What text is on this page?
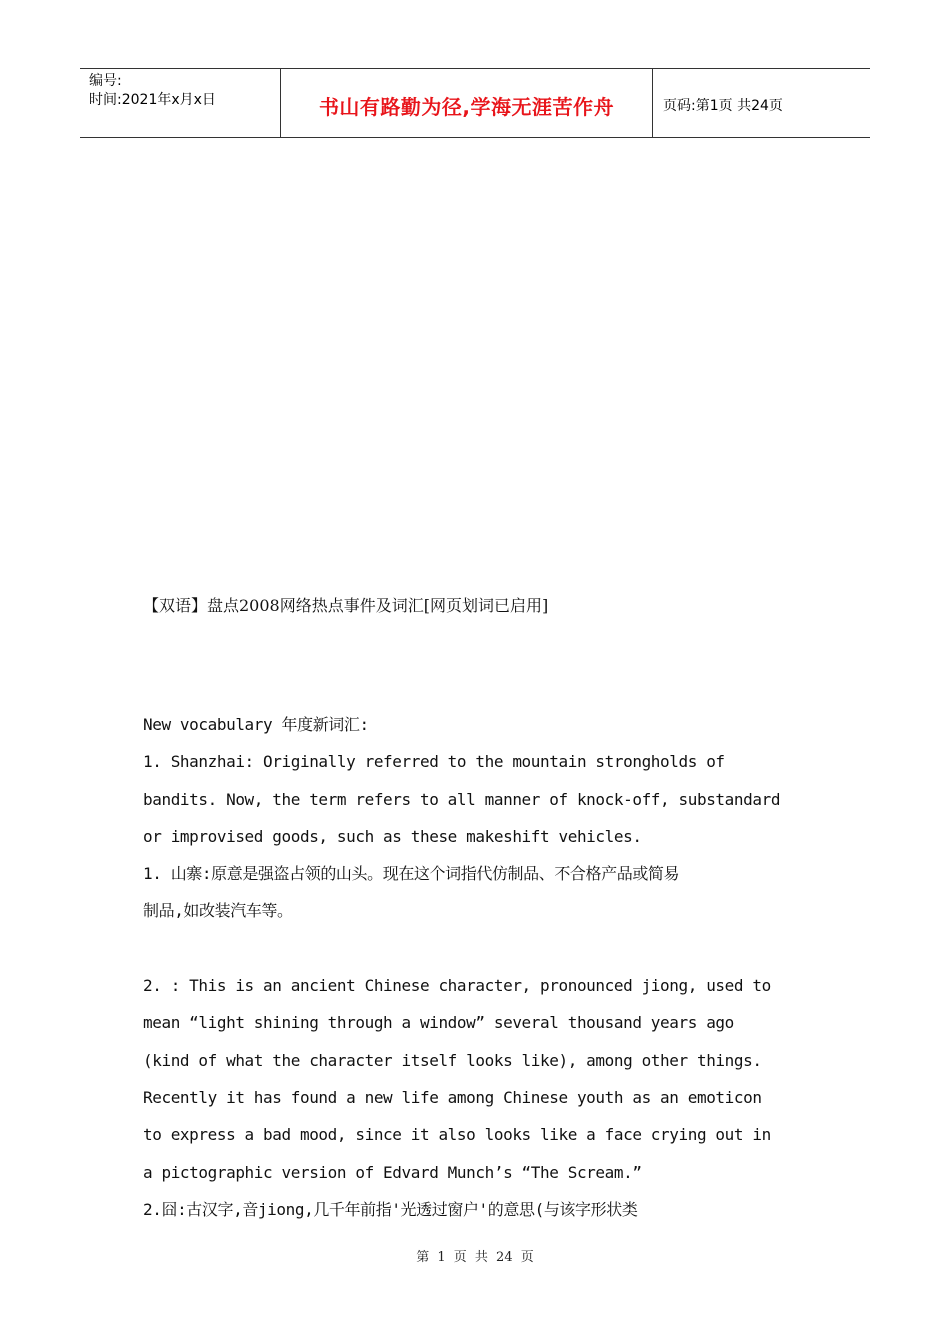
编号:
时间:2021年x月x日	书山有路勤为径,学海无涯苦作舟	页码:第1页 共24页
【双语】盘点2008网络热点事件及词汇[网页划词已启用]

New vocabulary 年度新词汇:

1. Shanzhai: Originally referred to the mountain strongholds of

bandits. Now, the term refers to all manner of knock-off, substandard

or improvised goods, such as these makeshift vehicles.

1. 山寨:原意是强盗占领的山头。现在这个词指代仿制品、不合格产品或简易

制品,如改装汽车等。

2. : This is an ancient Chinese character, pronounced jiong, used to

mean “light shining through a window” several thousand years ago

(kind of what the character itself looks like), among other things.

Recently it has found a new life among Chinese youth as an emoticon

to express a bad mood, since it also looks like a face crying out in

a pictographic version of Edvard Munch’s “The Scream.”

2.囧:古汉字,音jiong,几千年前指'光透过窗户'的意思(与该字形状类

第 1 页 共 24 页
